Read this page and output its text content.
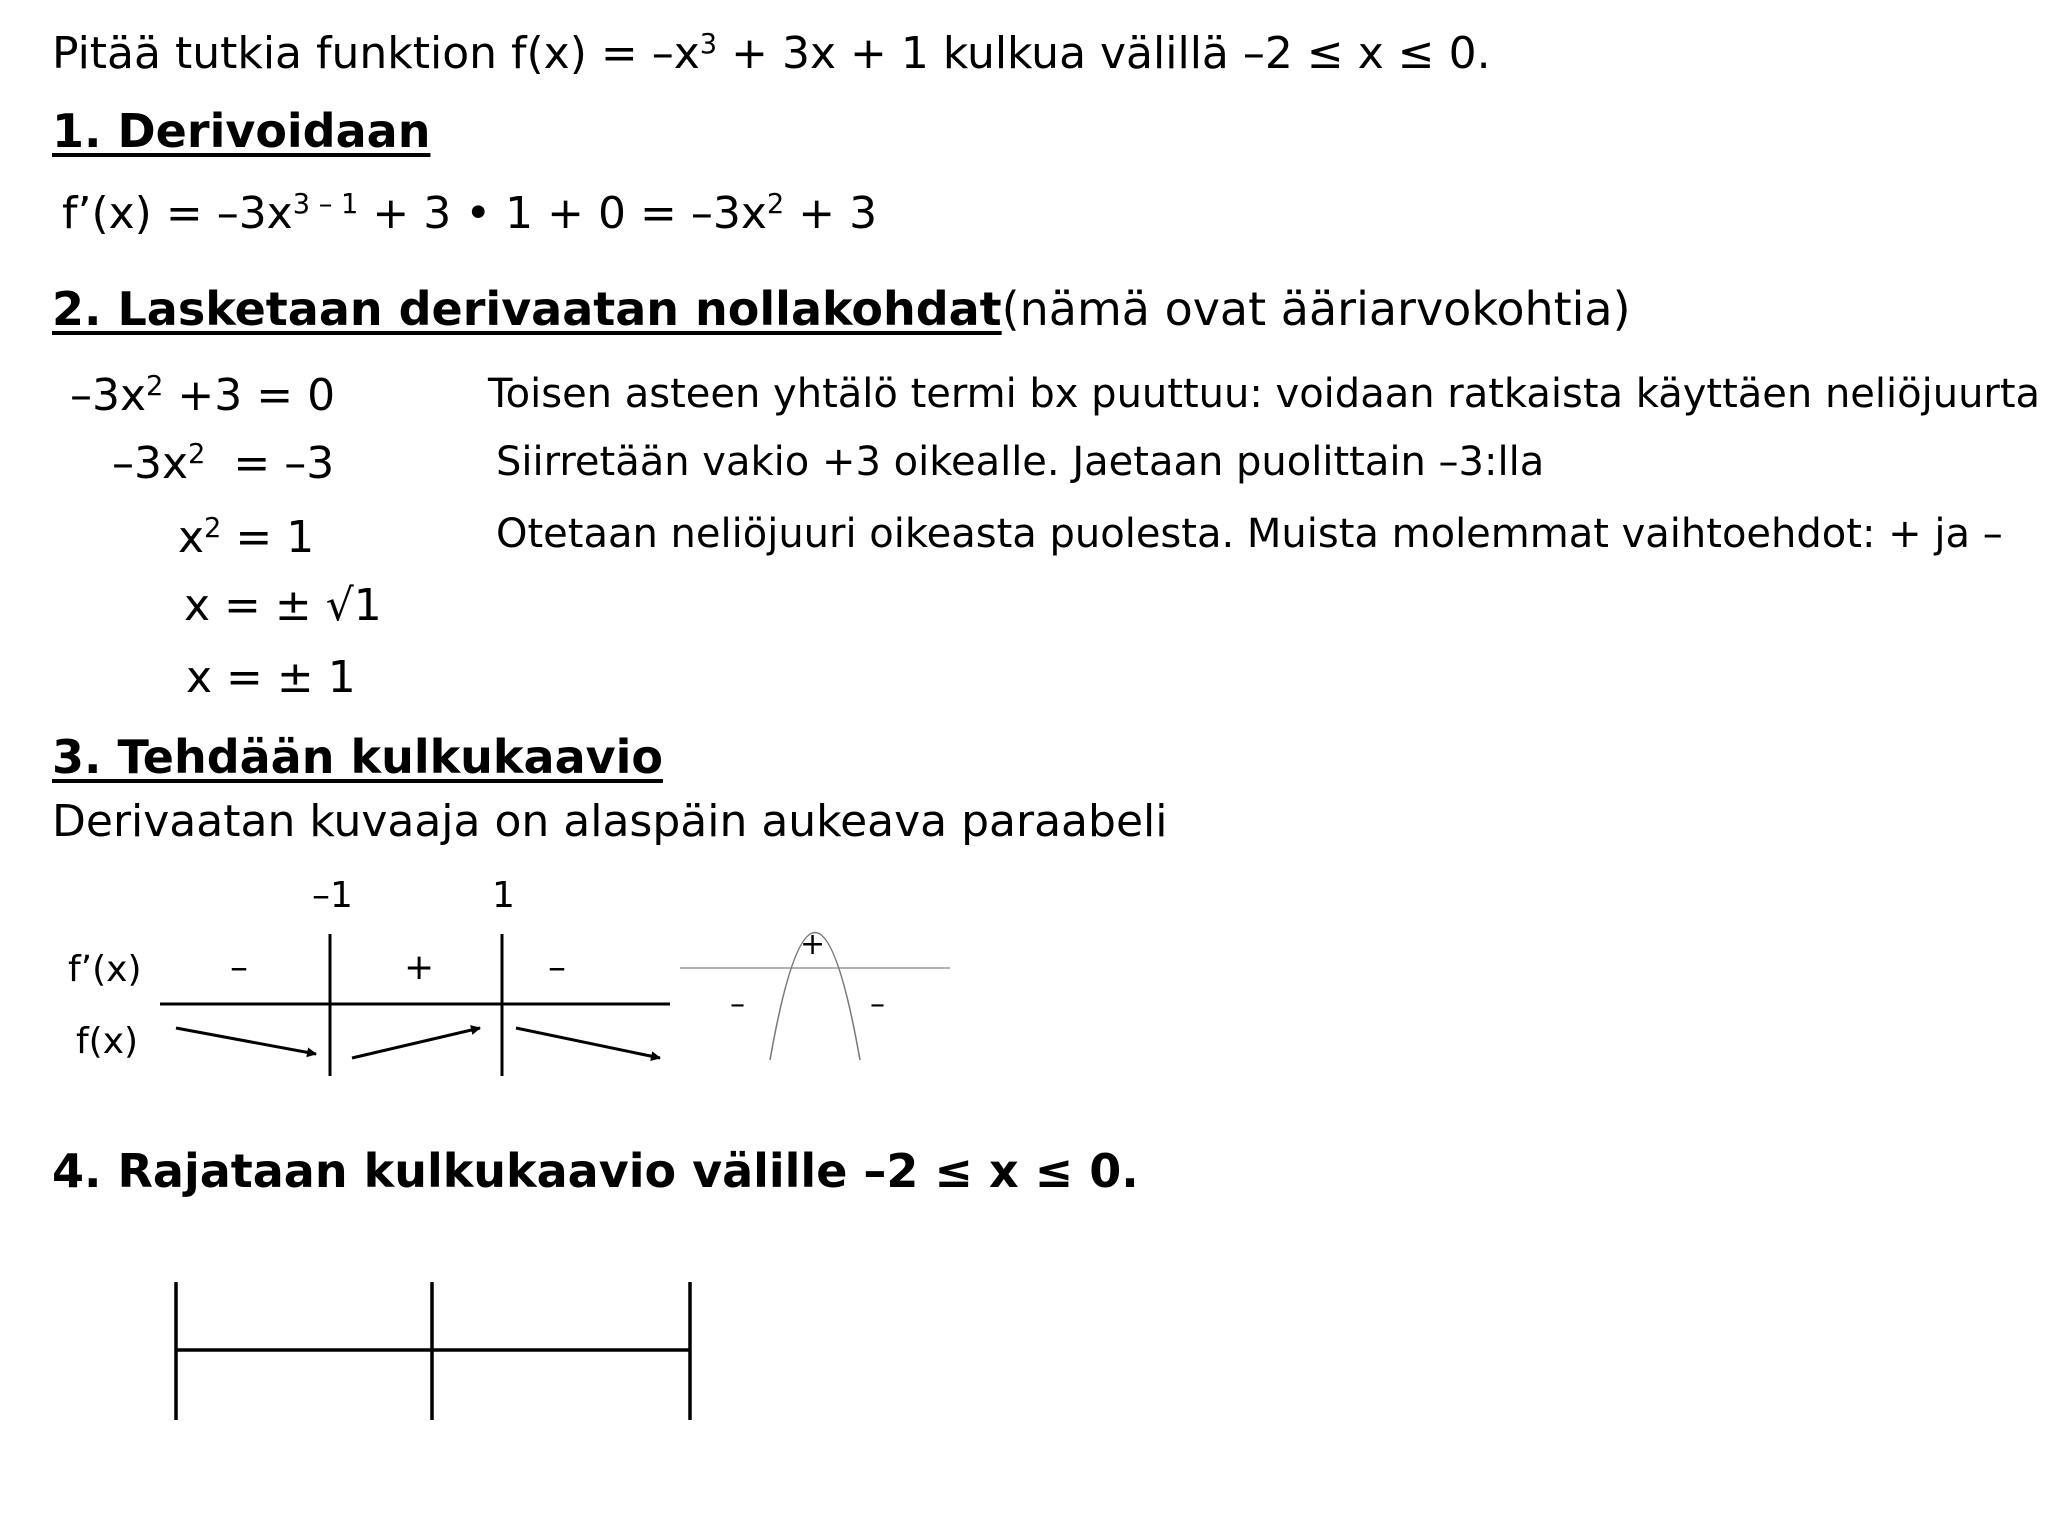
Pitää tutkia funktion $f(x) = -x^3 + 3x + 1$ kulkua välillä –2 ≤ x ≤ 0.
1. Derivoidaan
f’(x) = $-3x^{3 - 1} + 3$ • $1 + 0 = -3x^2 + 3$
2. Lasketaan derivaatan nollakohdat(nämä ovat ääriarvokohtia)
$-3x^2 +3 = 0$	Toisen asteen yhtälö termi bx puuttuu: voidaan ratkaista käyttäen neliöjuurta
$-3x^2 = -3$	Siirretään vakio +3 oikealle. Jaetaan puolittain –3:lla
$x^2 = 1$	Otetaan neliöjuuri oikeasta puolesta. Muista molemmat vaihtoehdot: + ja –
x = ± √1
x = ± 1
3. Tehdään kulkukaavio
Derivaatan kuvaaja on alaspäin aukeava paraabeli
–1	1
f’(x)
f(x)
–	+	–
+
–	–
4. Rajataan kulkukaavio välille –2 ≤ x ≤ 0.
